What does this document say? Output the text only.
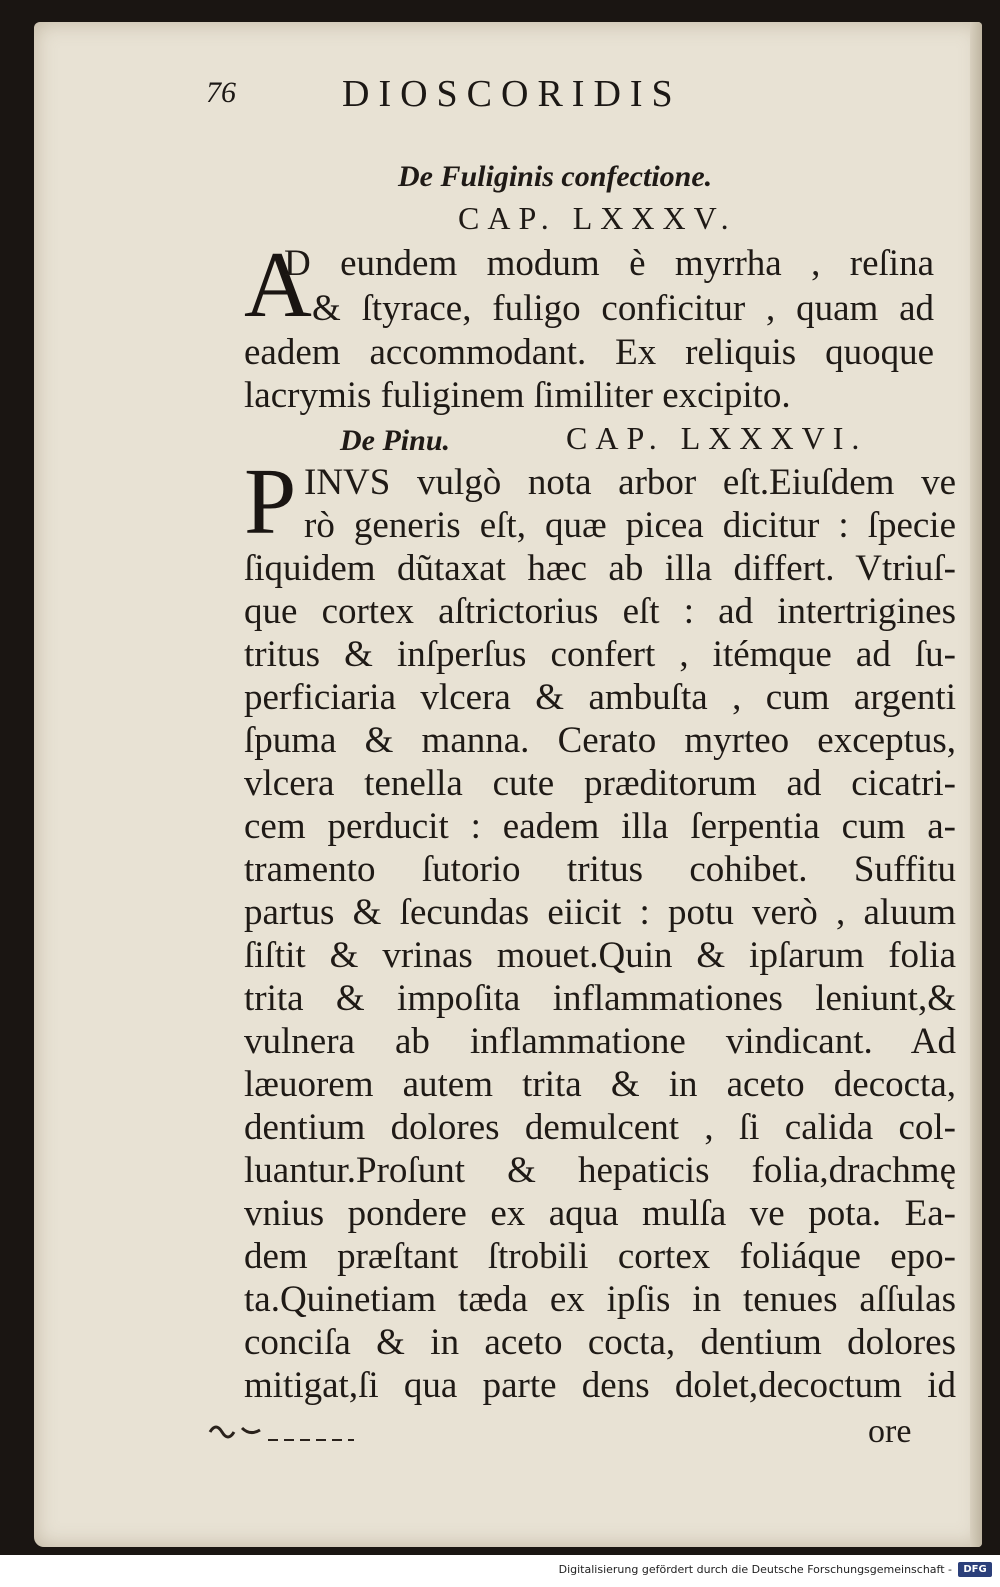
76	DIOSCORIDIS
De Fuliginis confectione.
CAP. LXXXV.
A
D eundem modum è myrrha , reſina
& ſtyrace, fuligo conficitur , quam ad
eadem accommodant. Ex reliquis quoque
lacrymis fuliginem ſimiliter excipito.
De Pinu.	CAP. LXXXVI.
P INVS vulgò nota arbor eſt.Eiuſdem ve
rò generis eſt, quæ picea dicitur : ſpecie
ſiquidem dũtaxat hæc ab illa differt. Vtriuſ-
que cortex aſtrictorius eſt : ad intertrigines
tritus & inſperſus confert , itémque ad ſu-
perficiaria vlcera & ambuſta , cum argenti
ſpuma & manna. Cerato myrteo exceptus,
vlcera tenella cute præditorum ad cicatri-
cem perducit : eadem illa ſerpentia cum a-
tramento ſutorio tritus cohibet. Suffitu
partus & ſecundas eiicit : potu verò , aluum
ſiſtit & vrinas mouet.Quin & ipſarum folia
trita & impoſita inflammationes leniunt,&
vulnera ab inflammatione vindicant. Ad
læuorem autem trita & in aceto decocta,
dentium dolores demulcent , ſi calida col-
luantur.Proſunt & hepaticis folia,drachmę
vnius pondere ex aqua mulſa ve pota. Ea-
dem præſtant ſtrobili cortex foliáque epo-
ta.Quinetiam tæda ex ipſis in tenues aſſulas
conciſa & in aceto cocta, dentium dolores
mitigat,ſi qua parte dens dolet,decoctum id
ore
Digitalisierung gefördert durch die Deutsche Forschungsgemeinschaft -	DFG
